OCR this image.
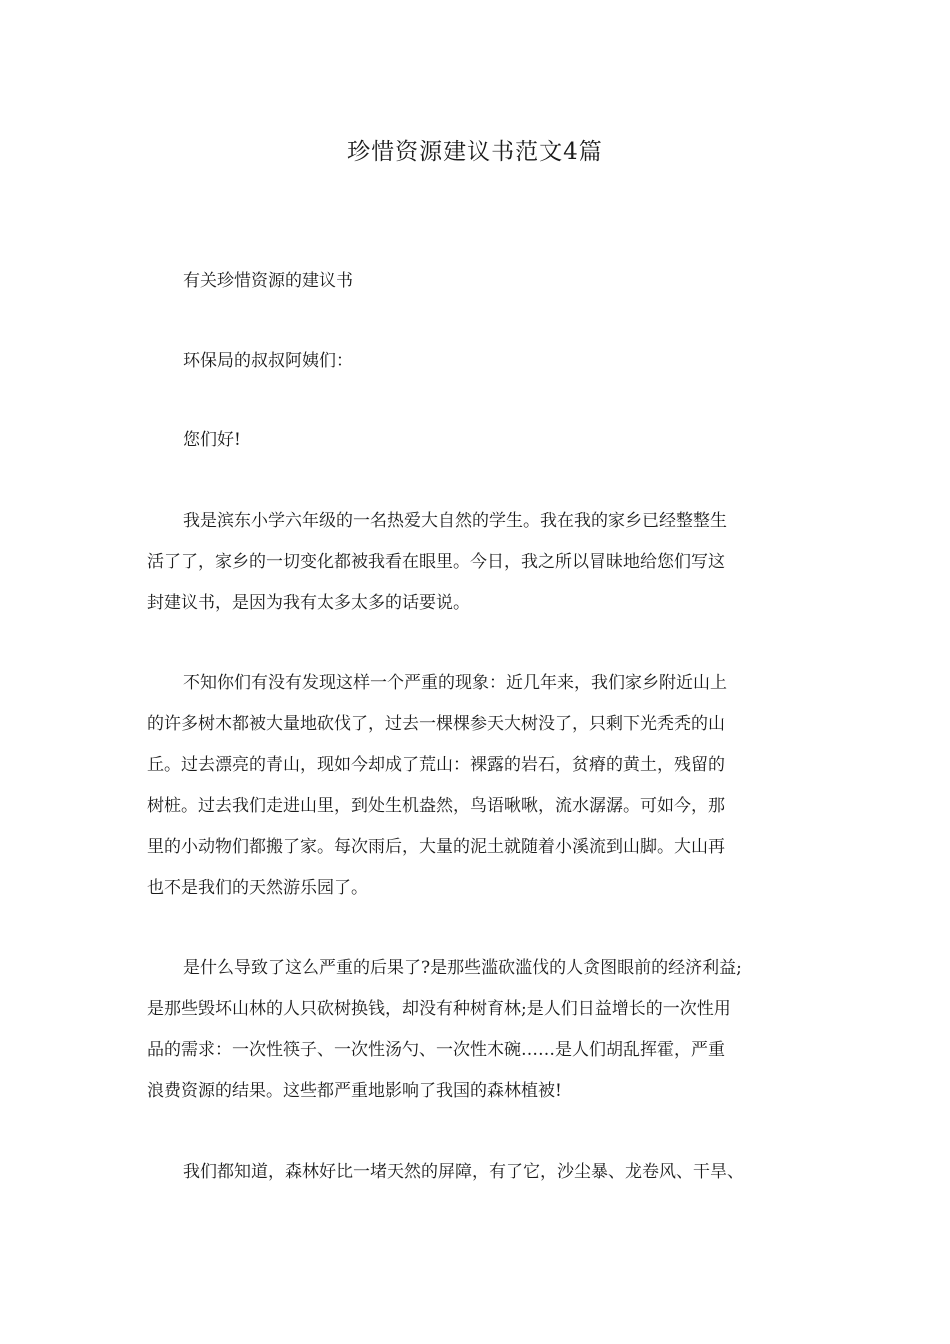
珍惜资源建议书范文4篇
有关珍惜资源的建议书
环保局的叔叔阿姨们：
您们好!
我是滨东小学六年级的一名热爱大自然的学生。我在我的家乡已经整整生
活了了，家乡的一切变化都被我看在眼里。今日，我之所以冒昧地给您们写这
封建议书，是因为我有太多太多的话要说。
不知你们有没有发现这样一个严重的现象：近几年来，我们家乡附近山上
的许多树木都被大量地砍伐了，过去一棵棵参天大树没了，只剩下光秃秃的山
丘。过去漂亮的青山，现如今却成了荒山：裸露的岩石，贫瘠的黄土，残留的
树桩。过去我们走进山里，到处生机盎然，鸟语啾啾，流水潺潺。可如今，那
里的小动物们都搬了家。每次雨后，大量的泥土就随着小溪流到山脚。大山再
也不是我们的天然游乐园了。
是什么导致了这么严重的后果了?是那些滥砍滥伐的人贪图眼前的经济利益;
是那些毁坏山林的人只砍树换钱，却没有种树育林;是人们日益增长的一次性用
品的需求：一次性筷子、一次性汤勺、一次性木碗……是人们胡乱挥霍，严重
浪费资源的结果。这些都严重地影响了我国的森林植被!
我们都知道，森林好比一堵天然的屏障，有了它，沙尘暴、龙卷风、干旱、
